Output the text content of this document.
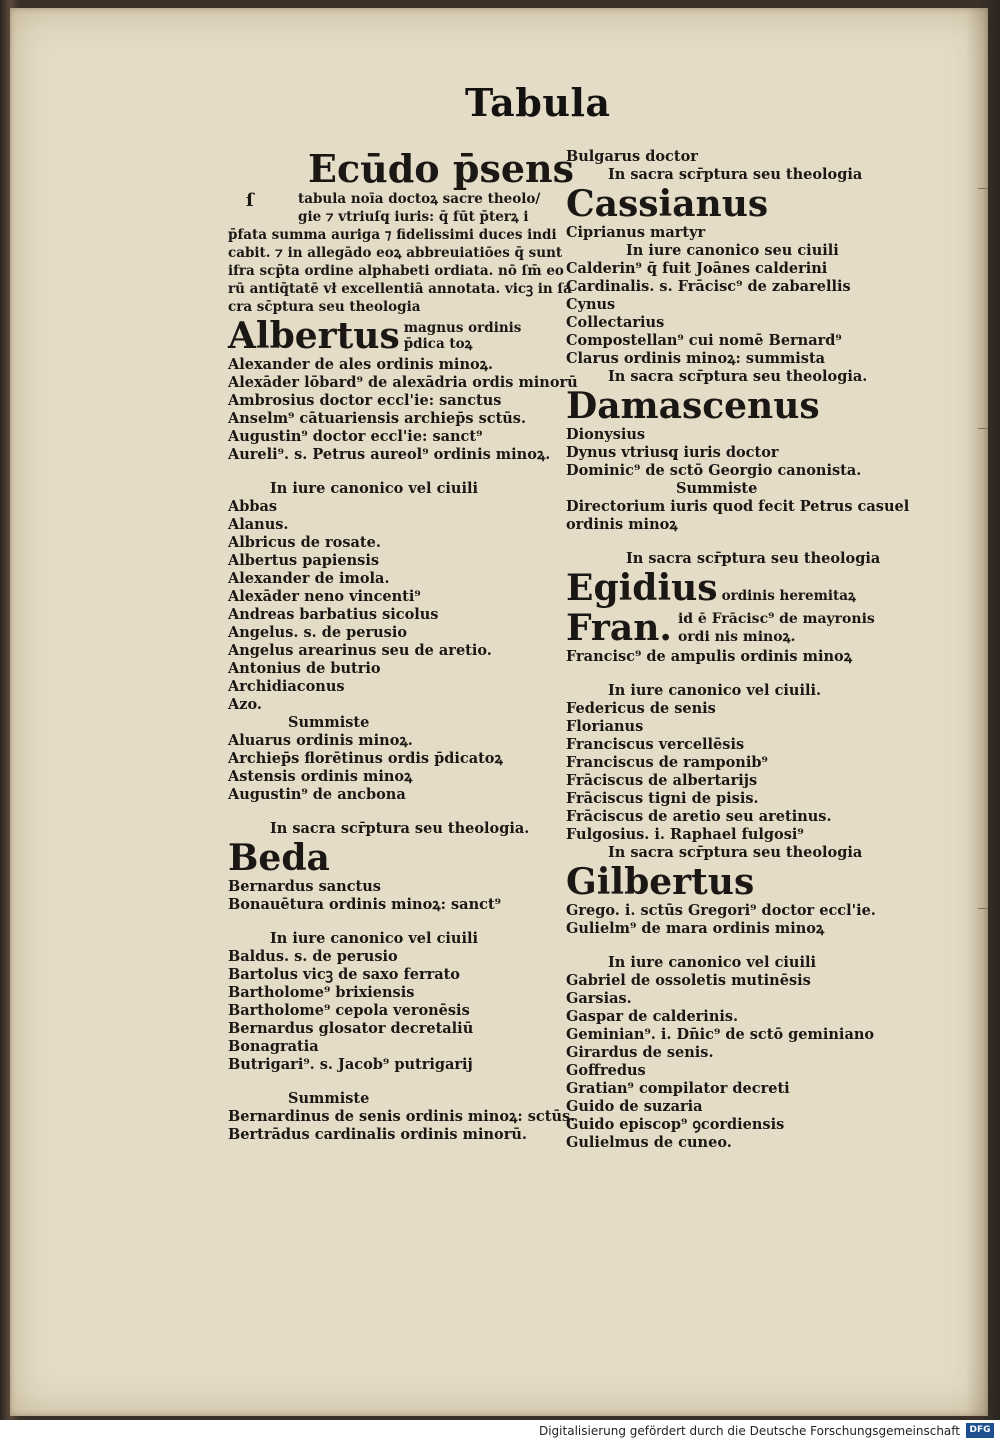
Tabula
Ecūdo p̄sens
ſ	tabula noīa doctoꝝ sacre theolo/
gie ⁊ vtriuſq̨ iuris: q̄ fūt p̄terꝝ i
p̄fata summa auriga ⁊ fidelissimi duces indi
cabit. ⁊ in allegādo eoꝝ abbreuiatiōes q̄ sunt
ifra scp̄ta ordine alphabeti ordiata. nō ſm̄ eo
rū antiq̄tatē vł excellentiā annotata. vicꝫ in ſa
cra sc̄ptura seu theologia
Albertus magnus ordinis p̄dica toꝝ
Alexander de ales ordinis minoꝝ.
Alexāder lōbard⁹ de alexādria ordis minorū
Ambrosius doctor eccl'ie: sanctus
Anselm⁹ cātuariensis archiep̄s sctūs.
Augustin⁹ doctor eccl'ie: sanct⁹
Aureli⁹. s. Petrus aureol⁹ ordinis minoꝝ.
In iure canonico vel ciuili
Abbas
Alanus.
Albricus de rosate.
Albertus papiensis
Alexander de imola.
Alexāder neno vincenti⁹
Andreas barbatius sicolus
Angelus. s. de perusio
Angelus arearinus seu de aretio.
Antonius de butrio
Archidiaconus
Azo.
Summiste
Aluarus ordinis minoꝝ.
Archiep̄s florētinus ordis p̄dicatoꝝ
Astensis ordinis minoꝝ
Augustin⁹ de ancbona
In sacra scr̄ptura seu theologia.
Beda
Bernardus sanctus
Bonauētura ordinis minoꝝ: sanct⁹
In iure canonico vel ciuili
Baldus. s. de perusio
Bartolus vicꝫ de saxo ferrato
Bartholome⁹ brixiensis
Bartholome⁹ cepola veronēsis
Bernardus glosator decretaliū
Bonagratia
Butrigari⁹. s. Jacob⁹ putrigarij
Summiste
Bernardinus de senis ordinis minoꝝ: sctūs.
Bertrādus cardinalis ordinis minorū.
Bulgarus doctor
In sacra scr̄ptura seu theologia
Cassianus
Ciprianus martyr
In iure canonico seu ciuili
Calderin⁹ q̄ fuit Joānes calderini
Cardinalis. s. Frācisc⁹ de zabarellis
Cynus
Collectarius
Compostellan⁹ cui nomē Bernard⁹
Clarus ordinis minoꝝ: summista
In sacra scr̄ptura seu theologia.
Damascenus
Dionysius
Dynus vtriusq̨ iuris doctor
Dominic⁹ de sctō Georgio canonista.
Summiste
Directorium iuris quod fecit Petrus casuel
ordinis minoꝝ
In sacra scr̄ptura seu theologia
Egidius ordinis heremitaꝝ
Fran. id ē Frācisc⁹ de mayronis ordi nis minoꝝ.
Francisc⁹ de ampulis ordinis minoꝝ
In iure canonico vel ciuili.
Federicus de senis
Florianus
Franciscus vercellēsis
Franciscus de ramponib⁹
Frāciscus de albertarijs
Frāciscus tigni de pisis.
Frāciscus de aretio seu aretinus.
Fulgosius. i. Raphael fulgosi⁹
In sacra scr̄ptura seu theologia
Gilbertus
Grego. i. sctūs Gregori⁹ doctor eccl'ie.
Gulielm⁹ de mara ordinis minoꝝ
In iure canonico vel ciuili
Gabriel de ossoletis mutinēsis
Garsias.
Gaspar de calderinis.
Geminian⁹. i. Dn̄ic⁹ de sctō geminiano
Girardus de senis.
Goffredus
Gratian⁹ compilator decreti
Guido de suzaria
Guido episcop⁹ ꝯcordiensis
Gulielmus de cuneo.
Digitalisierung gefördert durch die Deutsche Forschungsgemeinschaft	DFG
